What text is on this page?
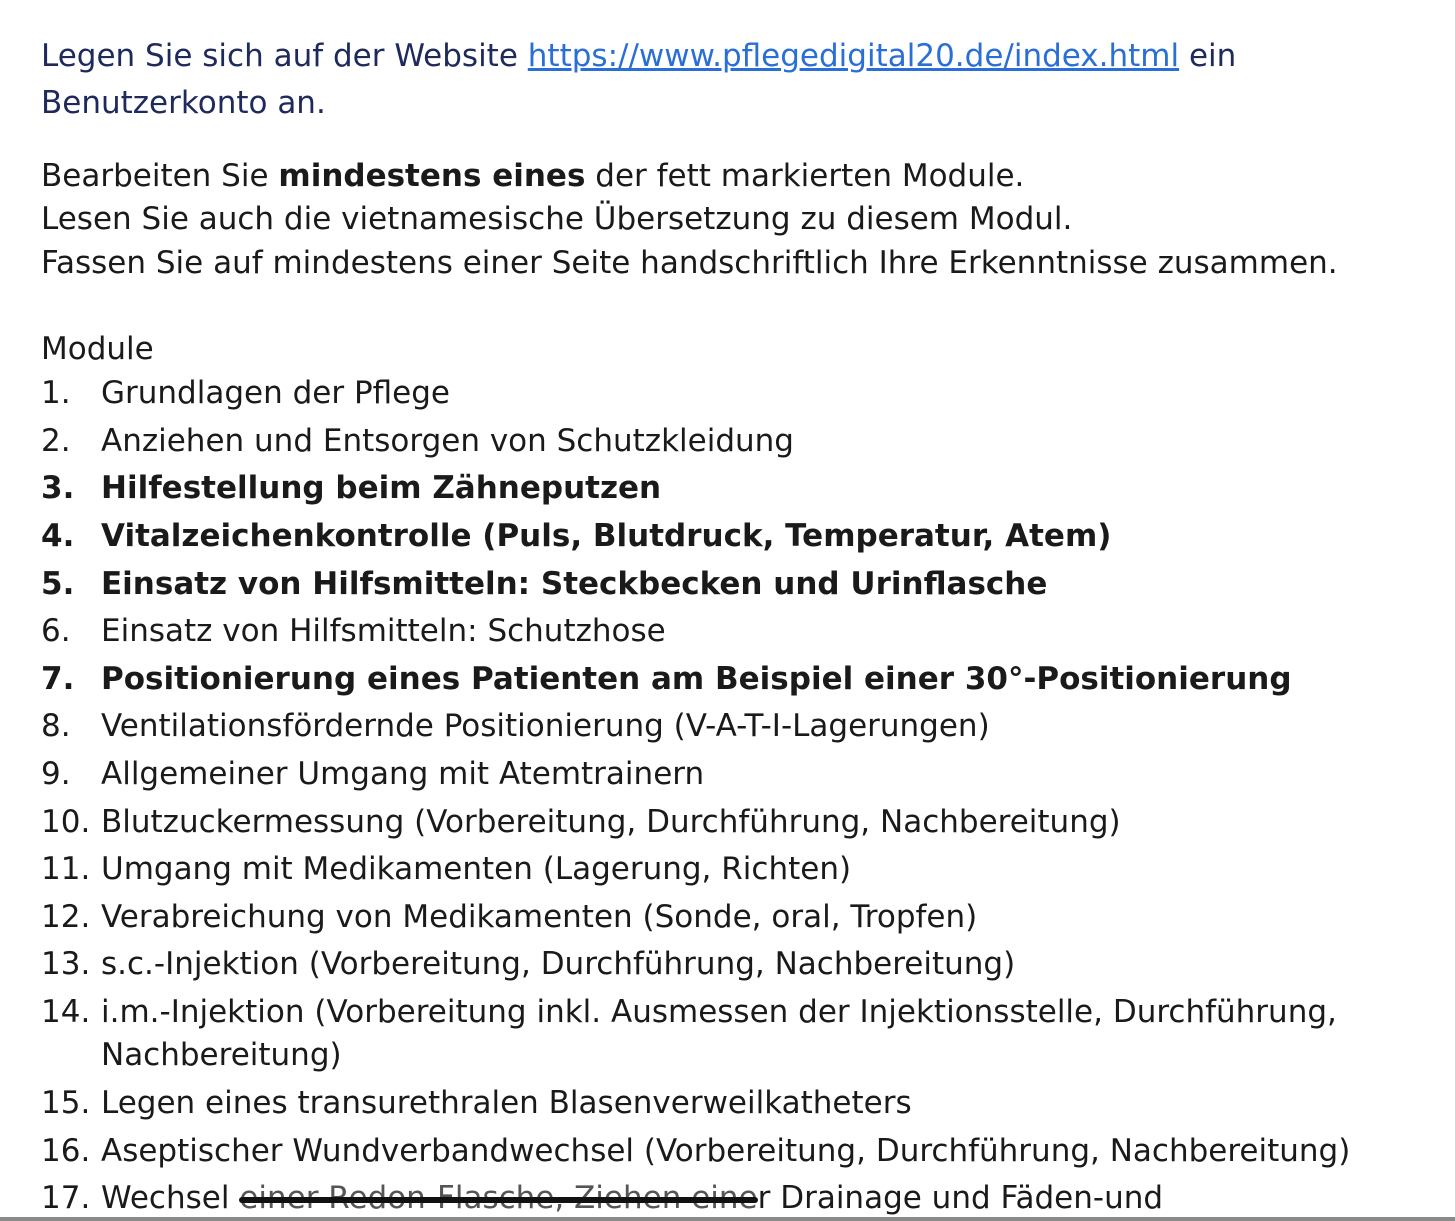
Legen Sie sich auf der Website https://www.pflegedigital20.de/index.html ein
Benutzerkonto an.
Bearbeiten Sie mindestens eines der fett markierten Module.
Lesen Sie auch die vietnamesische Übersetzung zu diesem Modul.
Fassen Sie auf mindestens einer Seite handschriftlich Ihre Erkenntnisse zusammen.
Module
1. Grundlagen der Pflege
2. Anziehen und Entsorgen von Schutzkleidung
3. Hilfestellung beim Zähneputzen
4. Vitalzeichenkontrolle (Puls, Blutdruck, Temperatur, Atem)
5. Einsatz von Hilfsmitteln: Steckbecken und Urinflasche
6. Einsatz von Hilfsmitteln: Schutzhose
7. Positionierung eines Patienten am Beispiel einer 30°-Positionierung
8. Ventilationsfördernde Positionierung (V-A-T-I-Lagerungen)
9. Allgemeiner Umgang mit Atemtrainern
10. Blutzuckermessung (Vorbereitung, Durchführung, Nachbereitung)
11. Umgang mit Medikamenten (Lagerung, Richten)
12. Verabreichung von Medikamenten (Sonde, oral, Tropfen)
13. s.c.-Injektion (Vorbereitung, Durchführung, Nachbereitung)
14. i.m.-Injektion (Vorbereitung inkl. Ausmessen der Injektionsstelle, Durchführung,
Nachbereitung)
15. Legen eines transurethralen Blasenverweilkatheters
16. Aseptischer Wundverbandwechsel (Vorbereitung, Durchführung, Nachbereitung)
17. Wechsel	r Drainage und Fäden-und
